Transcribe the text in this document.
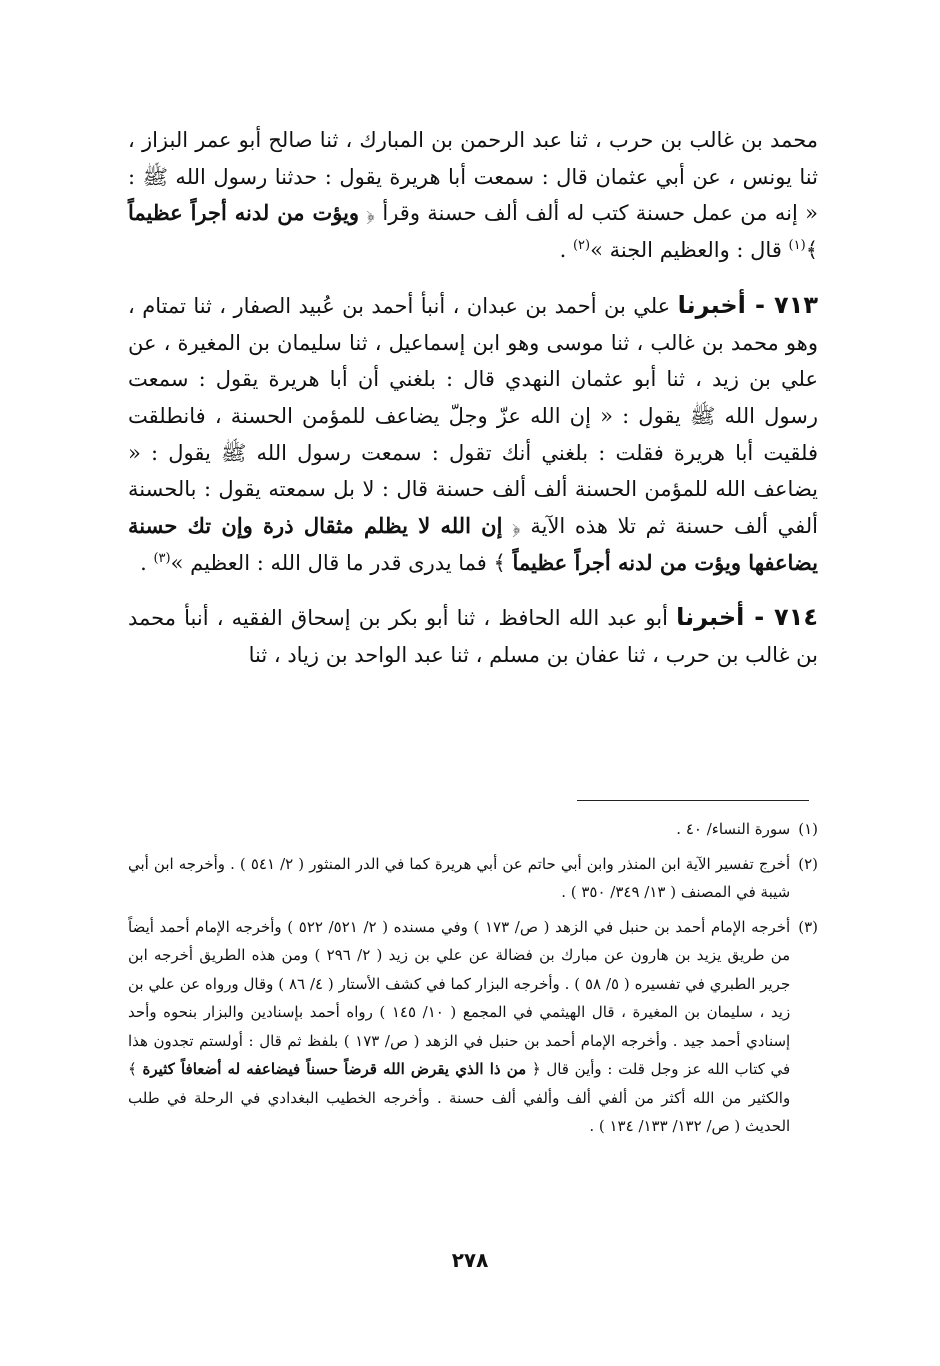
محمد بن غالب بن حرب ، ثنا عبد الرحمن بن المبارك ، ثنا صالح أبو عمر البزاز ، ثنا يونس ، عن أبي عثمان قال : سمعت أبا هريرة يقول : حدثنا رسول الله ﷺ : « إنه من عمل حسنة كتب له ألف ألف حسنة وقرأ ﴿ ويؤت من لدنه أجراً عظيماً ﴾$^{(١)}$ قال : والعظيم الجنة »$^{(٢)}$ .

٧١٣ - أخبرنا علي بن أحمد بن عبدان ، أنبأ أحمد بن عُبيد الصفار ، ثنا تمتام ، وهو محمد بن غالب ، ثنا موسى وهو ابن إسماعيل ، ثنا سليمان بن المغيرة ، عن علي بن زيد ، ثنا أبو عثمان النهدي قال : بلغني أن أبا هريرة يقول : سمعت رسول الله ﷺ يقول : « إن الله عزّ وجلّ يضاعف للمؤمن الحسنة ، فانطلقت فلقيت أبا هريرة فقلت : بلغني أنك تقول : سمعت رسول الله ﷺ يقول : « يضاعف الله للمؤمن الحسنة ألف ألف حسنة قال : لا بل سمعته يقول : بالحسنة ألفي ألف حسنة ثم تلا هذه الآية ﴿ إن الله لا يظلم مثقال ذرة وإن تك حسنة يضاعفها ويؤت من لدنه أجراً عظيماً ﴾ فما يدرى قدر ما قال الله : العظيم »$^{(٣)}$ .

٧١٤ - أخبرنا أبو عبد الله الحافظ ، ثنا أبو بكر بن إسحاق الفقيه ، أنبأ محمد بن غالب بن حرب ، ثنا عفان بن مسلم ، ثنا عبد الواحد بن زياد ، ثنا

(١)
سورة النساء/ ٤٠ .
(٢)
أخرج تفسير الآية ابن المنذر وابن أبي حاتم عن أبي هريرة كما في الدر المنثور ( ٢/ ٥٤١ ) . وأخرجه ابن أبي شيبة في المصنف ( ١٣/ ٣٤٩/ ٣٥٠ ) .
(٣)
أخرجه الإمام أحمد بن حنبل في الزهد ( ص/ ١٧٣ ) وفي مسنده ( ٢/ ٥٢١/ ٥٢٢ ) وأخرجه الإمام أحمد أيضاً من طريق يزيد بن هارون عن مبارك بن فضالة عن علي بن زيد ( ٢/ ٢٩٦ ) ومن هذه الطريق أخرجه ابن جرير الطبري في تفسيره ( ٥/ ٥٨ ) . وأخرجه البزار كما في كشف الأستار ( ٤/ ٨٦ ) وقال ورواه عن علي بن زيد ، سليمان بن المغيرة ، قال الهيثمي في المجمع ( ١٠/ ١٤٥ ) رواه أحمد بإسنادين والبزار بنحوه وأحد إسنادي أحمد جيد . وأخرجه الإمام أحمد بن حنبل في الزهد ( ص/ ١٧٣ ) بلفظ ثم قال : أولستم تجدون هذا في كتاب الله عز وجل قلت : وأين قال ﴿ من ذا الذي يقرض الله قرضاً حسناً فيضاعفه له أضعافاً كثيرة ﴾ والكثير من الله أكثر من ألفي ألف وألفي ألف حسنة . وأخرجه الخطيب البغدادي في الرحلة في طلب الحديث ( ص/ ١٣٢/ ١٣٣/ ١٣٤ ) .
٢٧٨
